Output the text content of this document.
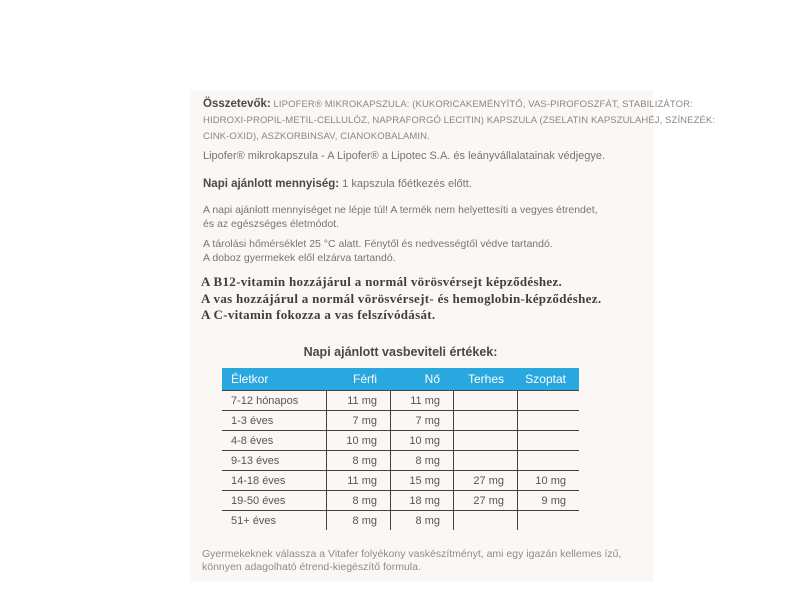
Összetevők: LIPOFER® MIKROKAPSZULA: (KUKORICAKEMÉNYÍTŐ, VAS-PIROFOSZFÁT, STABILIZÁTOR:
HIDROXI-PROPIL-METIL-CELLULÓZ, NAPRAFORGÓ LECITIN) KAPSZULA (ZSELATIN KAPSZULAHÉJ, SZÍNEZÉK:
CINK-OXID), ASZKORBINSAV, CIANOKOBALAMIN.

Lipofer® mikrokapszula - A Lipofer® a Lipotec S.A. és leányvállalatainak védjegye.

Napi ajánlott mennyiség: 1 kapszula főétkezés előtt.

A napi ajánlott mennyiséget ne lépje túl! A termék nem helyettesíti a vegyes étrendet,
és az egészséges életmódot.

A tárolási hőmérséklet 25 °C alatt. Fénytől és nedvességtől védve tartandó.
A doboz gyermekek elől elzárva tartandó.

A B12-vitamin hozzájárul a normál vörösvérsejt képződéshez.
A vas hozzájárul a normál vörösvérsejt- és hemoglobin-képződéshez.
A C-vitamin fokozza a vas felszívódását.
Napi ajánlott vasbeviteli értékek:
Életkor	Férfi	Nő	Terhes	Szoptat
7-12 hónapos	11 mg	11 mg		
1-3 éves	7 mg	7 mg		
4-8 éves	10 mg	10 mg		
9-13 éves	8 mg	8 mg		
14-18 éves	11 mg	15 mg	27 mg	10 mg
19-50 éves	8 mg	18 mg	27 mg	9 mg
51+ éves	8 mg	8 mg		

Gyermekeknek válassza a Vitafer folyékony vaskészítményt, ami egy igazán kellemes ízű,
könnyen adagolható étrend-kiegészítő formula.
